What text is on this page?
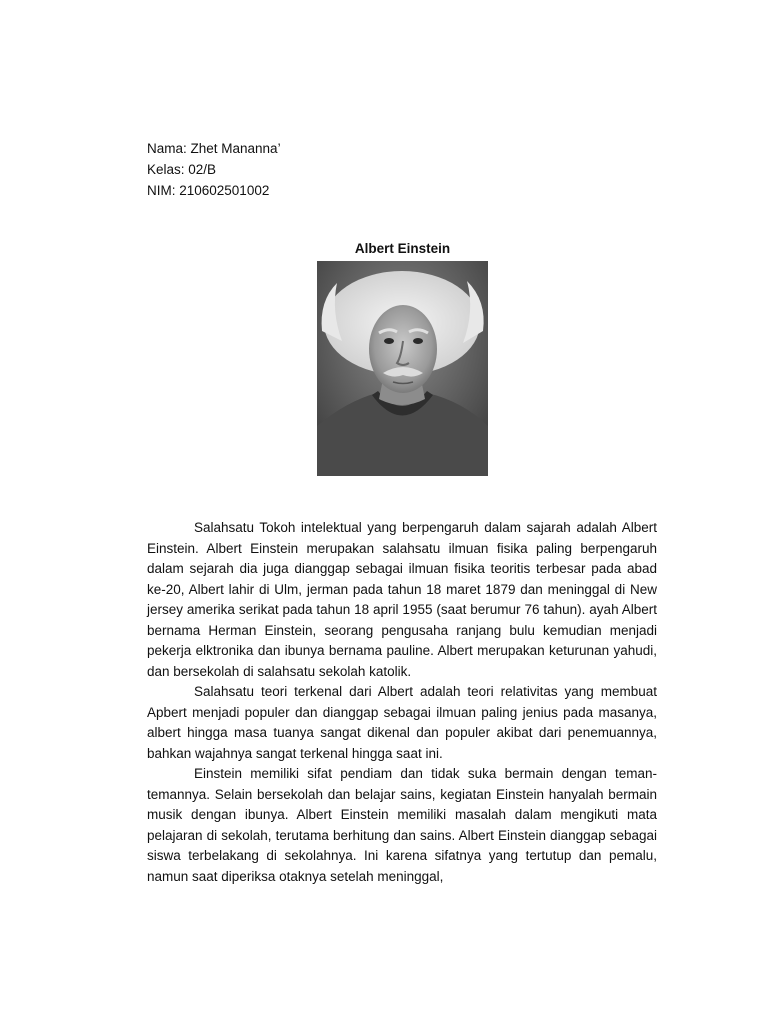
Nama: Zhet Mananna’
Kelas: 02/B
NIM: 210602501002
Albert Einstein

Salahsatu Tokoh intelektual yang berpengaruh dalam sajarah adalah Albert Einstein. Albert Einstein merupakan salahsatu ilmuan fisika paling berpengaruh dalam sejarah dia juga dianggap sebagai ilmuan fisika teoritis terbesar pada abad ke-20, Albert lahir di Ulm, jerman pada tahun 18 maret 1879 dan meninggal di New jersey amerika serikat pada tahun 18 april 1955 (saat berumur 76 tahun). ayah Albert bernama Herman Einstein, seorang pengusaha ranjang bulu kemudian menjadi pekerja elktronika dan ibunya bernama pauline. Albert merupakan keturunan yahudi, dan bersekolah di salahsatu sekolah katolik.

Salahsatu teori terkenal dari Albert adalah teori relativitas yang membuat Apbert menjadi populer dan dianggap sebagai ilmuan paling jenius pada masanya, albert hingga masa tuanya sangat dikenal dan populer akibat dari penemuannya, bahkan wajahnya sangat terkenal hingga saat ini.

Einstein memiliki sifat pendiam dan tidak suka bermain dengan teman-temannya. Selain bersekolah dan belajar sains, kegiatan Einstein hanyalah bermain musik dengan ibunya. Albert Einstein memiliki masalah dalam mengikuti mata pelajaran di sekolah, terutama berhitung dan sains. Albert Einstein dianggap sebagai siswa terbelakang di sekolahnya. Ini karena sifatnya yang tertutup dan pemalu, namun saat diperiksa otaknya setelah meninggal,
